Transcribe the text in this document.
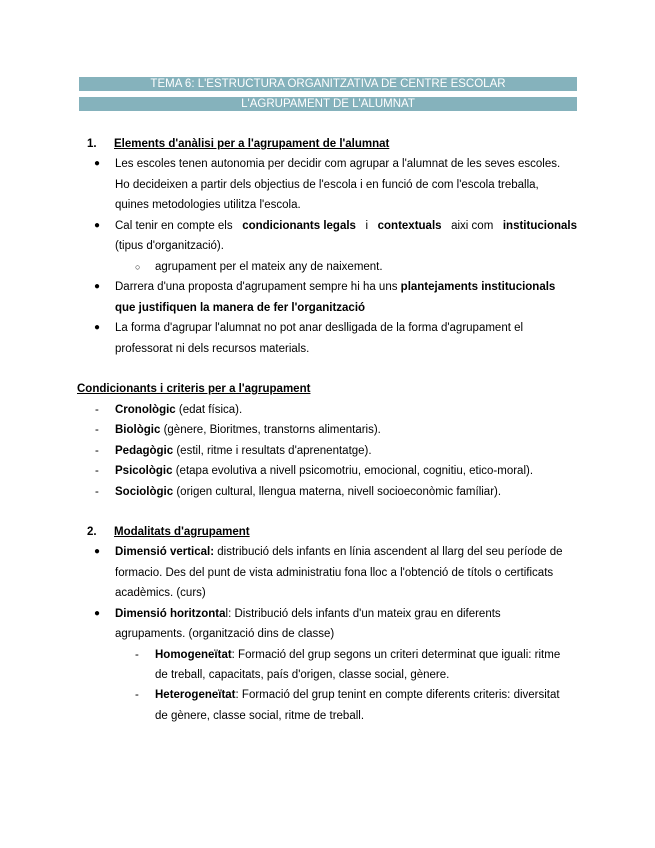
TEMA 6: L'ESTRUCTURA ORGANITZATIVA DE CENTRE ESCOLAR
L'AGRUPAMENT DE L'ALUMNAT
1. Elements d'anàlisi per a l'agrupament de l'alumnat
● Les escoles tenen autonomia per decidir com agrupar a l'alumnat de les seves escoles.
Ho decideixen a partir dels objectius de l'escola i en funció de com l'escola treballa,
quines metodologies utilitza l'escola.
● Cal tenir en compte els condicionants legals i contextuals aixi com institucionals
(tipus d'organització).
○ agrupament per el mateix any de naixement.
● Darrera d'una proposta d'agrupament sempre hi ha uns plantejaments institucionals
que justifiquen la manera de fer l'organització
● La forma d'agrupar l'alumnat no pot anar deslligada de la forma d'agrupament el
professorat ni dels recursos materials.
Condicionants i criteris per a l'agrupament
- Cronològic (edat física).
- Biològic (gènere, Bioritmes, transtorns alimentaris).
- Pedagògic (estil, ritme i resultats d'aprenentatge).
- Psicològic (etapa evolutiva a nivell psicomotriu, emocional, cognitiu, etico-moral).
- Sociològic (origen cultural, llengua materna, nivell socioeconòmic famíliar).
2. Modalitats d'agrupament
● Dimensió vertical: distribució dels infants en línia ascendent al llarg del seu període de
formacio. Des del punt de vista administratiu fona lloc a l'obtenció de títols o certificats
acadèmics. (curs)
● Dimensió horitzontal: Distribució dels infants d'un mateix grau en diferents
agrupaments. (organització dins de classe)
- Homogeneïtat: Formació del grup segons un criteri determinat que iguali: ritme
de treball, capacitats, país d'origen, classe social, gènere.
- Heterogeneïtat: Formació del grup tenint en compte diferents criteris: diversitat
de gènere, classe social, ritme de treball.
